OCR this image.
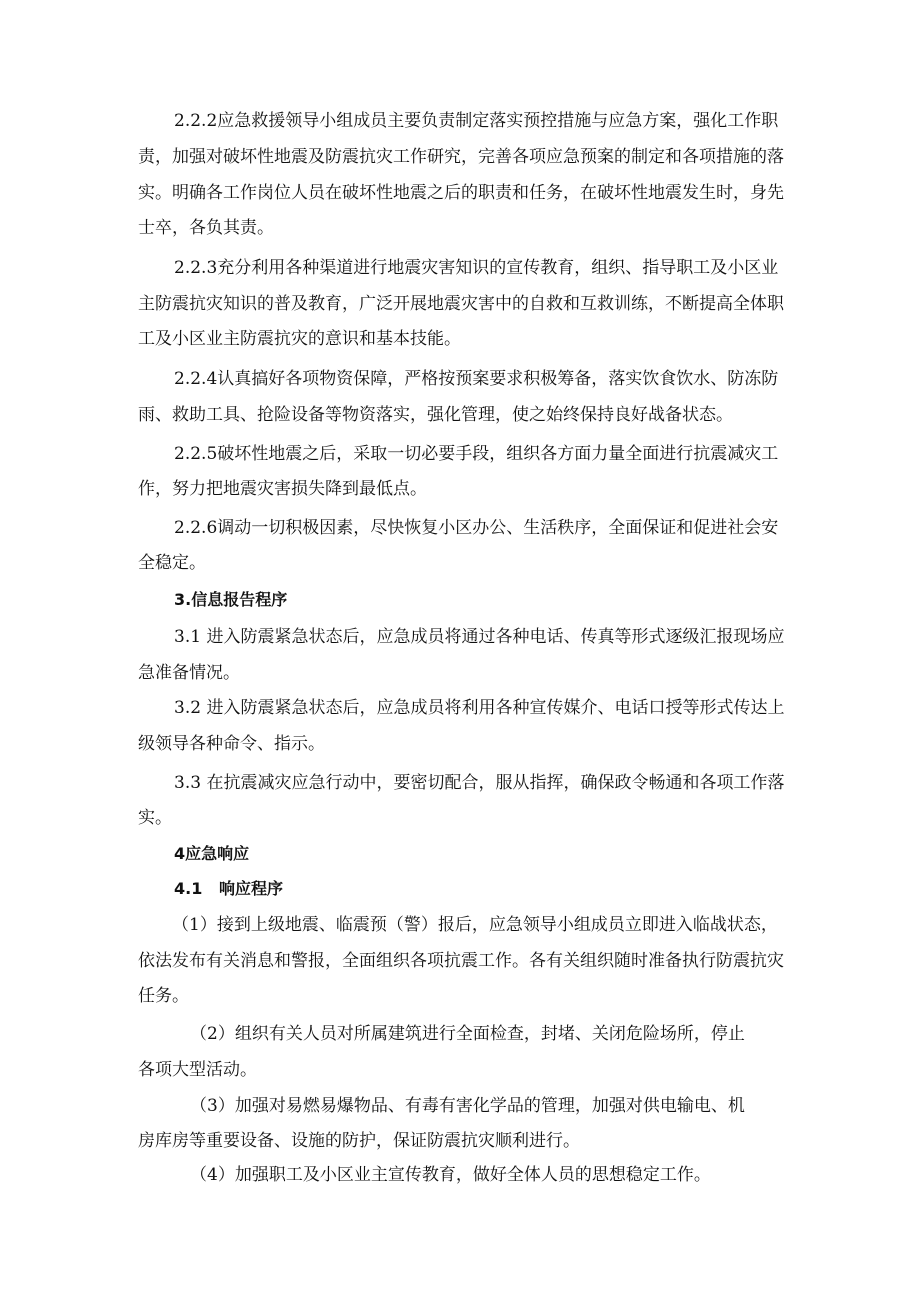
2.2.2应急救援领导小组成员主要负责制定落实预控措施与应急方案，强化工作职
责，加强对破坏性地震及防震抗灾工作研究，完善各项应急预案的制定和各项措施的落
实。明确各工作岗位人员在破坏性地震之后的职责和任务，在破坏性地震发生时，身先
士卒，各负其责。
2.2.3充分利用各种渠道进行地震灾害知识的宣传教育，组织、指导职工及小区业
主防震抗灾知识的普及教育，广泛开展地震灾害中的自救和互救训练，不断提高全体职
工及小区业主防震抗灾的意识和基本技能。
2.2.4认真搞好各项物资保障，严格按预案要求积极筹备，落实饮食饮水、防冻防
雨、救助工具、抢险设备等物资落实，强化管理，使之始终保持良好战备状态。
2.2.5破坏性地震之后，采取一切必要手段，组织各方面力量全面进行抗震减灾工
作，努力把地震灾害损失降到最低点。
2.2.6调动一切积极因素，尽快恢复小区办公、生活秩序，全面保证和促进社会安
全稳定。
3.信息报告程序
3.1 进入防震紧急状态后，应急成员将通过各种电话、传真等形式逐级汇报现场应
急准备情况。
3.2 进入防震紧急状态后，应急成员将利用各种宣传媒介、电话口授等形式传达上
级领导各种命令、指示。
3.3 在抗震减灾应急行动中，要密切配合，服从指挥，确保政令畅通和各项工作落
实。
4应急响应
4.1   响应程序
（1）接到上级地震、临震预（警）报后，应急领导小组成员立即进入临战状态，
依法发布有关消息和警报，全面组织各项抗震工作。各有关组织随时准备执行防震抗灾
任务。
（2）组织有关人员对所属建筑进行全面检查，封堵、关闭危险场所，停止
各项大型活动。
（3）加强对易燃易爆物品、有毒有害化学品的管理，加强对供电输电、机
房库房等重要设备、设施的防护，保证防震抗灾顺利进行。
（4）加强职工及小区业主宣传教育，做好全体人员的思想稳定工作。
